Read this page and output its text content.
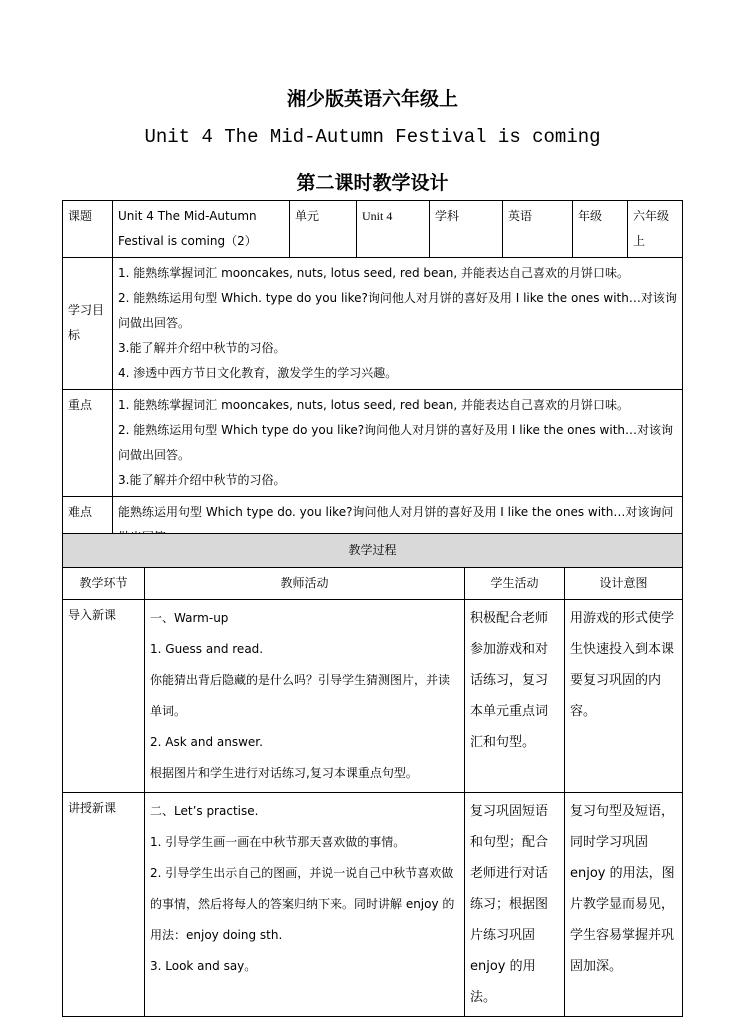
湘少版英语六年级上
Unit 4 The Mid-Autumn Festival is coming
第二课时教学设计
课题	Unit 4 The Mid-Autumn Festival is coming（2）	单元	Unit 4	学科	英语	年级	六年级上
学习目标	1. 能熟练掌握词汇 mooncakes, nuts, lotus seed, red bean, 并能表达自己喜欢的月饼口味。
2. 能熟练运用句型 Which. type do you like?询问他人对月饼的喜好及用 I like the ones with…对该询问做出回答。
3.能了解并介绍中秋节的习俗。
4. 渗透中西方节日文化教育，激发学生的学习兴趣。						

重点	1. 能熟练掌握词汇 mooncakes, nuts, lotus seed, red bean, 并能表达自己喜欢的月饼口味。
2. 能熟练运用句型 Which type do you like?询问他人对月饼的喜好及用 I like the ones with…对该询问做出回答。
3.能了解并介绍中秋节的习俗。						

难点	能熟练运用句型 Which type do. you like?询问他人对月饼的喜好及用 I like the ones with…对该询问						
教学过程			
教学环节	教师活动	学生活动	设计意图
导入新课	一、Warm-up
1. Guess and read.
你能猜出背后隐藏的是什么吗？引导学生猜测图片，并读单词。
2. Ask and answer.
根据图片和学生进行对话练习,复习本课重点句型。	积极配合老师参加游戏和对话练习，复习本单元重点词汇和句型。	用游戏的形式使学生快速投入到本课要复习巩固的内容。
讲授新课	二、Let’s practise.
1. 引导学生画一画在中秋节那天喜欢做的事情。
2. 引导学生出示自己的图画，并说一说自己中秋节喜欢做的事情，然后将每人的答案归纳下来。同时讲解 enjoy 的用法：enjoy doing sth.
3. Look and say。	复习巩固短语和句型；配合老师进行对话练习；根据图片练习巩固 enjoy 的用法。	复习句型及短语，同时学习巩固 enjoy 的用法，图片教学显而易见，学生容易掌握并巩固加深。
